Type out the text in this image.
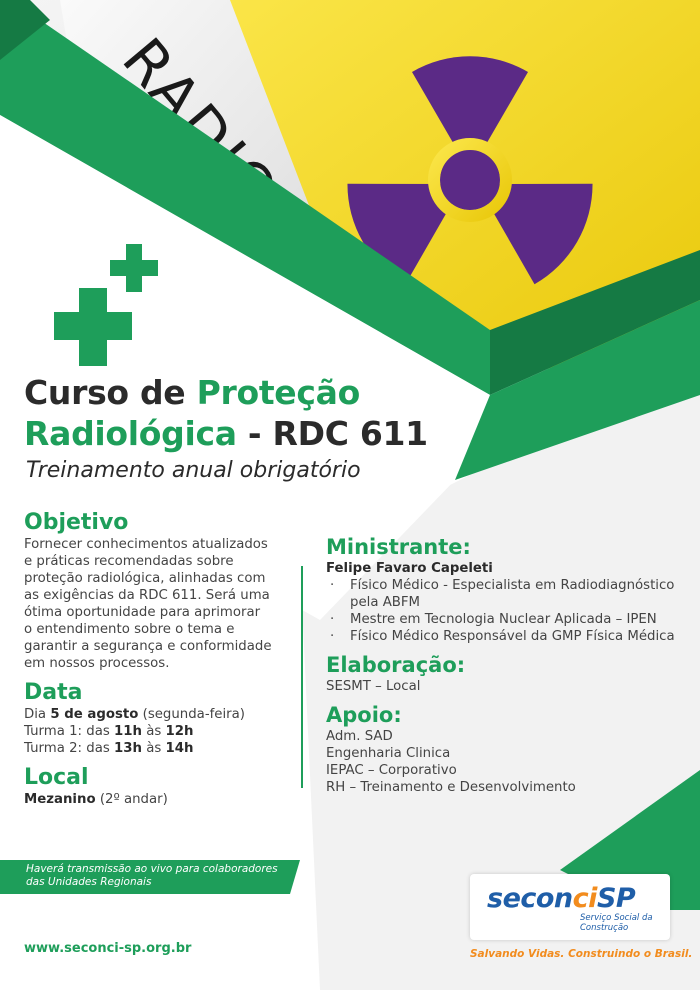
Curso de Proteção
Radiológica - RDC 611
Treinamento anual obrigatório
Objetivo
Fornecer conhecimentos atualizados e práticas recomendadas sobre proteção radiológica, alinhadas com as exigências da RDC 611. Será uma ótima oportunidade para aprimorar o entendimento sobre o tema e garantir a segurança e conformidade em nossos processos.
Data
Dia 5 de agosto (segunda-feira)
Turma 1: das 11h às 12h
Turma 2: das 13h às 14h
Local
Mezanino (2º andar)
Ministrante:
Felipe Favaro Capeleti
· Físico Médico - Especialista em Radiodiagnóstico pela ABFM
· Mestre em Tecnologia Nuclear Aplicada – IPEN
· Físico Médico Responsável da GMP Física Médica
Elaboração:
SESMT – Local
Apoio:
Adm. SAD
Engenharia Clinica
IEPAC – Corporativo
RH – Treinamento e Desenvolvimento
Haverá transmissão ao vivo para colaboradores das Unidades Regionais
www.seconci-sp.org.br
seconciSP
Serviço Social da Construção
Salvando Vidas. Construindo o Brasil.
